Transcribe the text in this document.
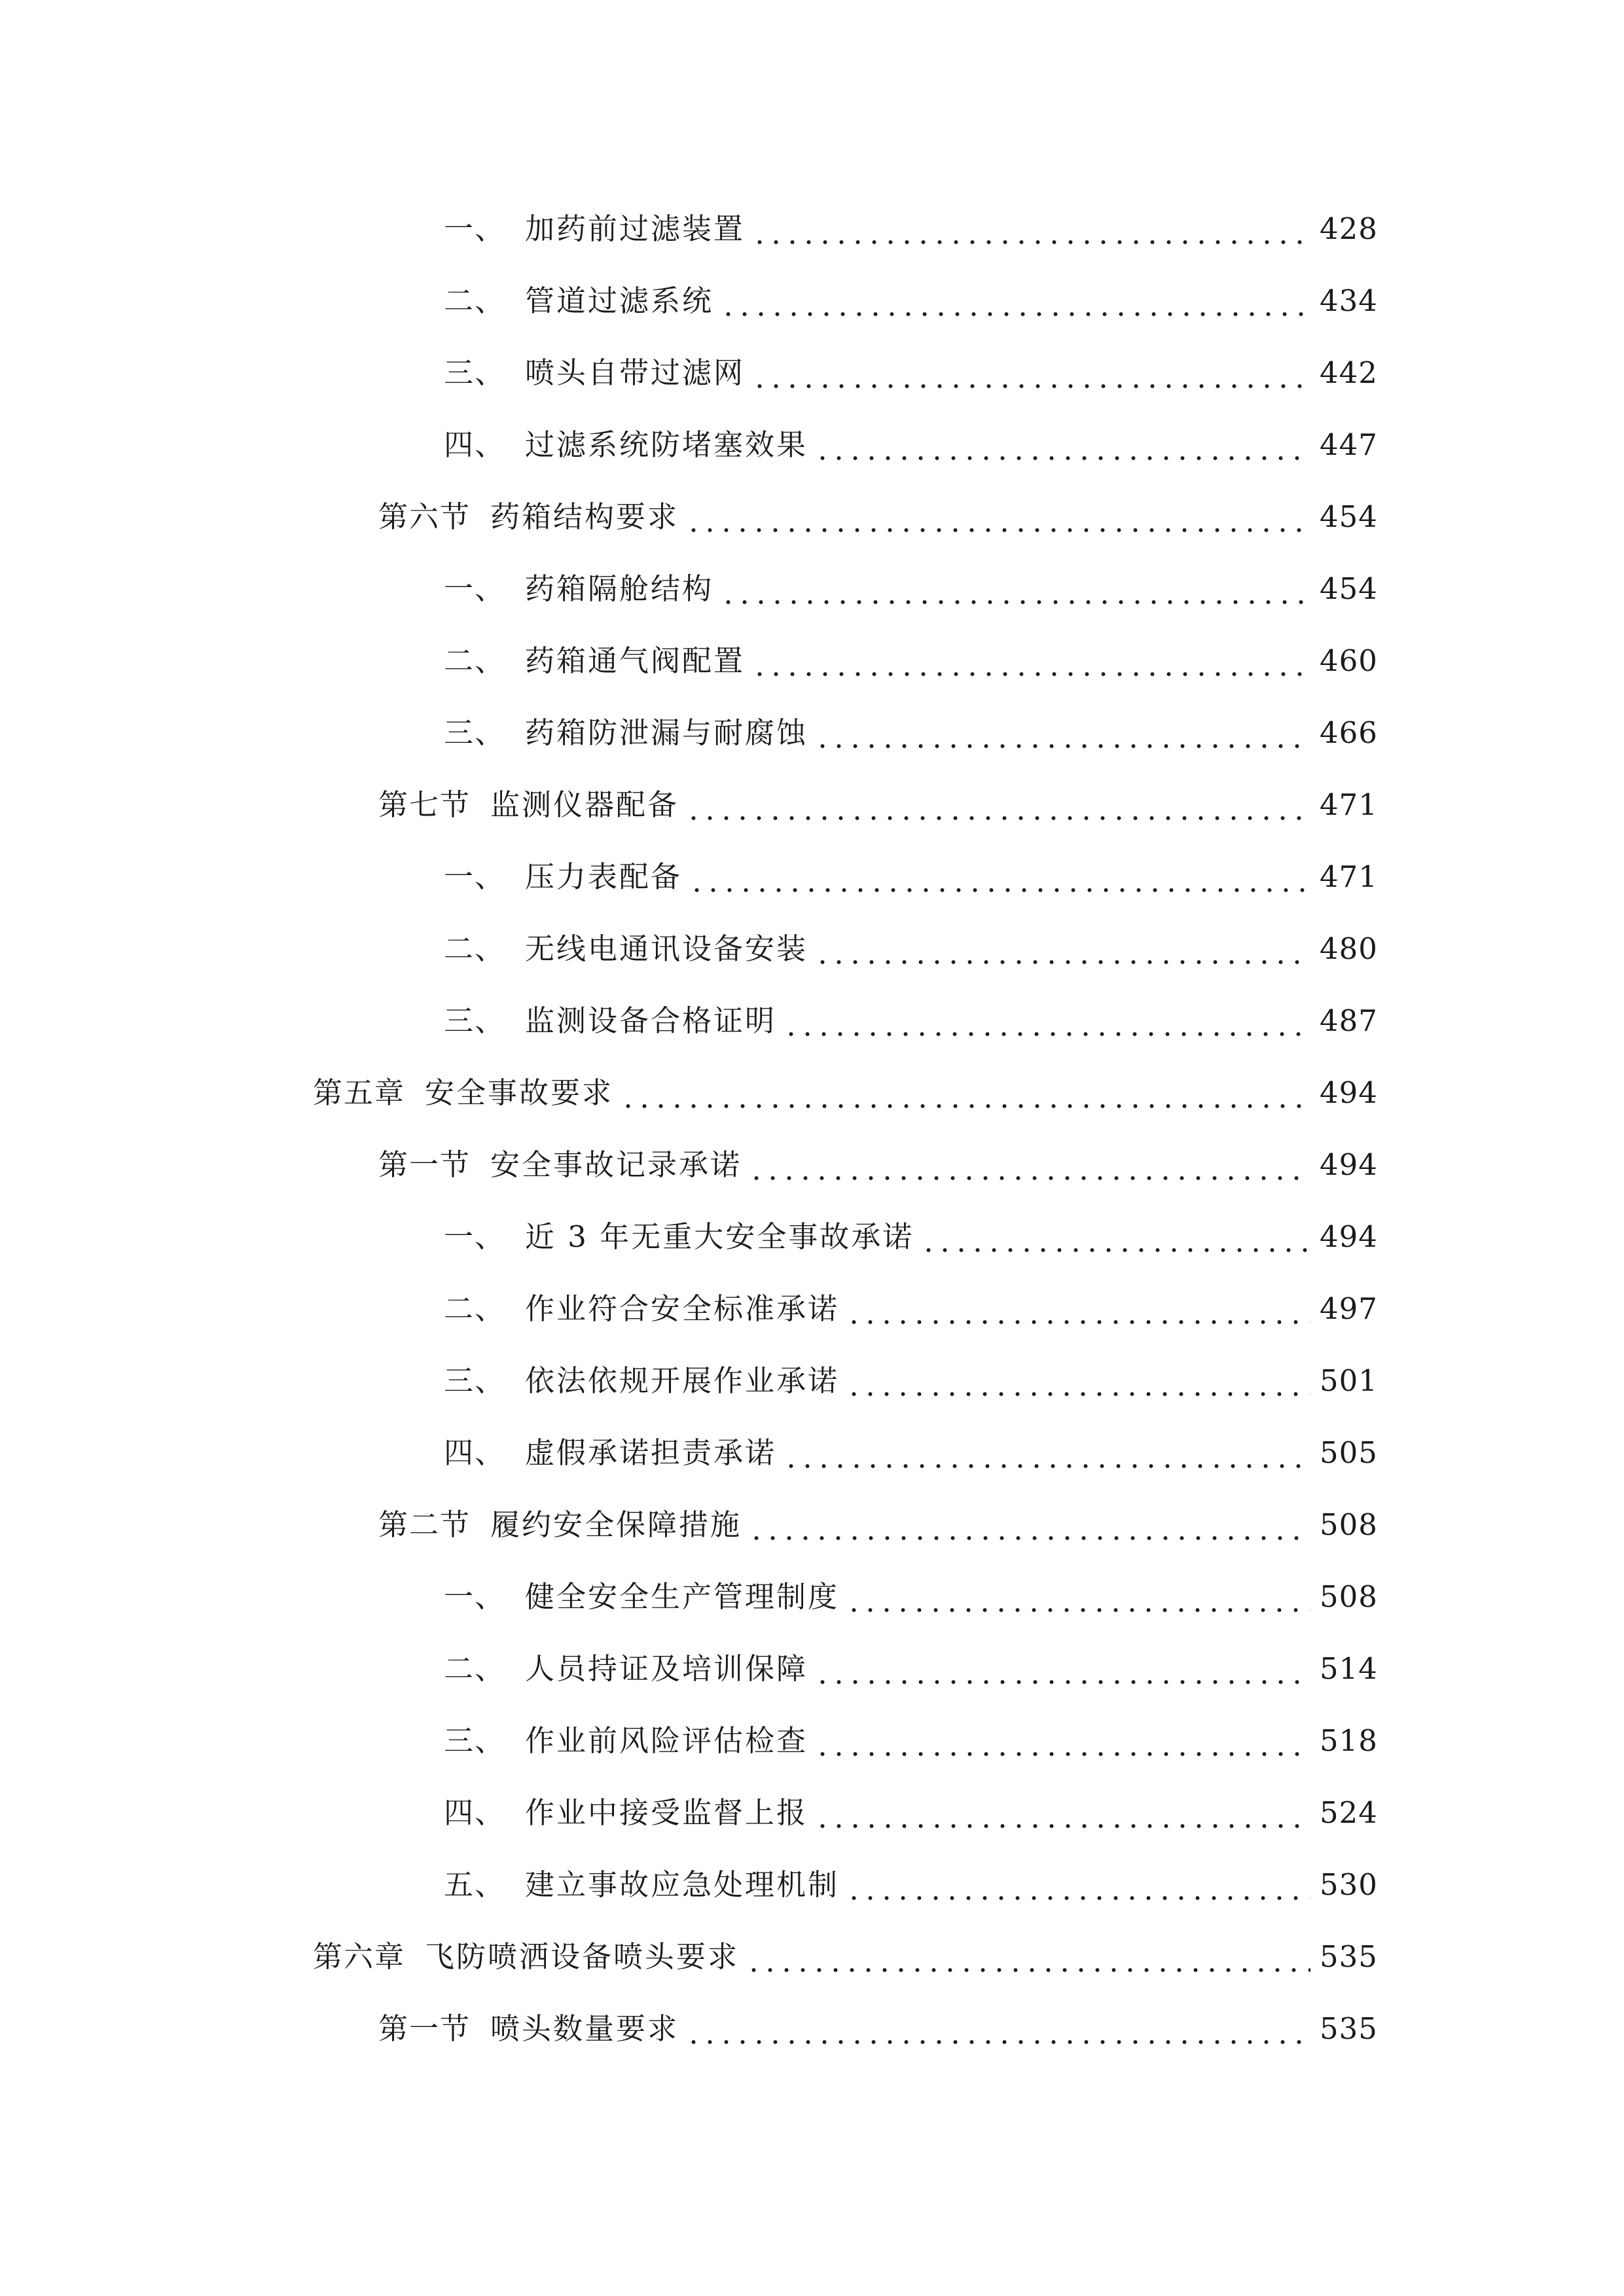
一、 加药前过滤装置	428
二、 管道过滤系统	434
三、 喷头自带过滤网	442
四、 过滤系统防堵塞效果	447
第六节 药箱结构要求	454
一、 药箱隔舱结构	454
二、 药箱通气阀配置	460
三、 药箱防泄漏与耐腐蚀	466
第七节 监测仪器配备	471
一、 压力表配备	471
二、 无线电通讯设备安装	480
三、 监测设备合格证明	487
第五章 安全事故要求	494
第一节 安全事故记录承诺	494
一、 近 3 年无重大安全事故承诺	494
二、 作业符合安全标准承诺	497
三、 依法依规开展作业承诺	501
四、 虚假承诺担责承诺	505
第二节 履约安全保障措施	508
一、 健全安全生产管理制度	508
二、 人员持证及培训保障	514
三、 作业前风险评估检查	518
四、 作业中接受监督上报	524
五、 建立事故应急处理机制	530
第六章 飞防喷洒设备喷头要求	535
第一节 喷头数量要求	535
